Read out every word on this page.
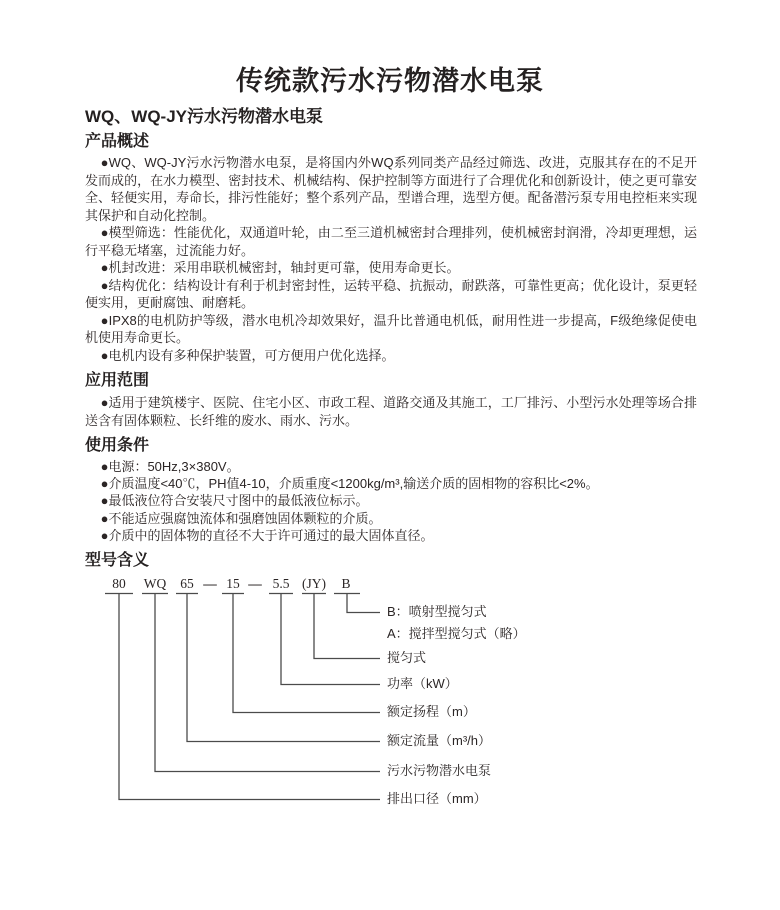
传统款污水污物潜水电泵
WQ、WQ-JY污水污物潜水电泵
产品概述

●WQ、WQ-JY污水污物潜水电泵，是将国内外WQ系列同类产品经过筛选、改进，克服其存在的不足开发而成的，在水力模型、密封技术、机械结构、保护控制等方面进行了合理优化和创新设计，使之更可靠安全、轻便实用，寿命长，排污性能好；整个系列产品，型谱合理，选型方便。配备潜污泵专用电控柜来实现其保护和自动化控制。

●模型筛选：性能优化，双通道叶轮，由二至三道机械密封合理排列，使机械密封润滑，冷却更理想，运行平稳无堵塞，过流能力好。

●机封改进：采用串联机械密封，轴封更可靠，使用寿命更长。

●结构优化：结构设计有利于机封密封性，运转平稳、抗振动，耐跌落，可靠性更高；优化设计，泵更轻便实用，更耐腐蚀、耐磨耗。

●IPX8的电机防护等级，潜水电机冷却效果好，温升比普通电机低，耐用性进一步提高，F级绝缘促使电机使用寿命更长。

●电机内设有多种保护装置，可方便用户优化选择。

应用范围

●适用于建筑楼宇、医院、住宅小区、市政工程、道路交通及其施工，工厂排污、小型污水处理等场合排送含有固体颗粒、长纤维的废水、雨水、污水。

使用条件
●电源：50Hz,3×380V。
●介质温度<40℃，PH值4-10，介质重度<1200kg/m³,输送介质的固相物的容积比<2%。
●最低液位符合安装尺寸图中的最低液位标示。
●不能适应强腐蚀流体和强磨蚀固体颗粒的介质。
●介质中的固体物的直径不大于许可通过的最大固体直径。
型号含义
80 WQ 65 — 15 — 5.5 (JY) B
B：喷射型搅匀式
A：搅拌型搅匀式（略）
搅匀式
功率（kW）
额定扬程（m）
额定流量（m³/h）
污水污物潜水电泵
排出口径（mm）
